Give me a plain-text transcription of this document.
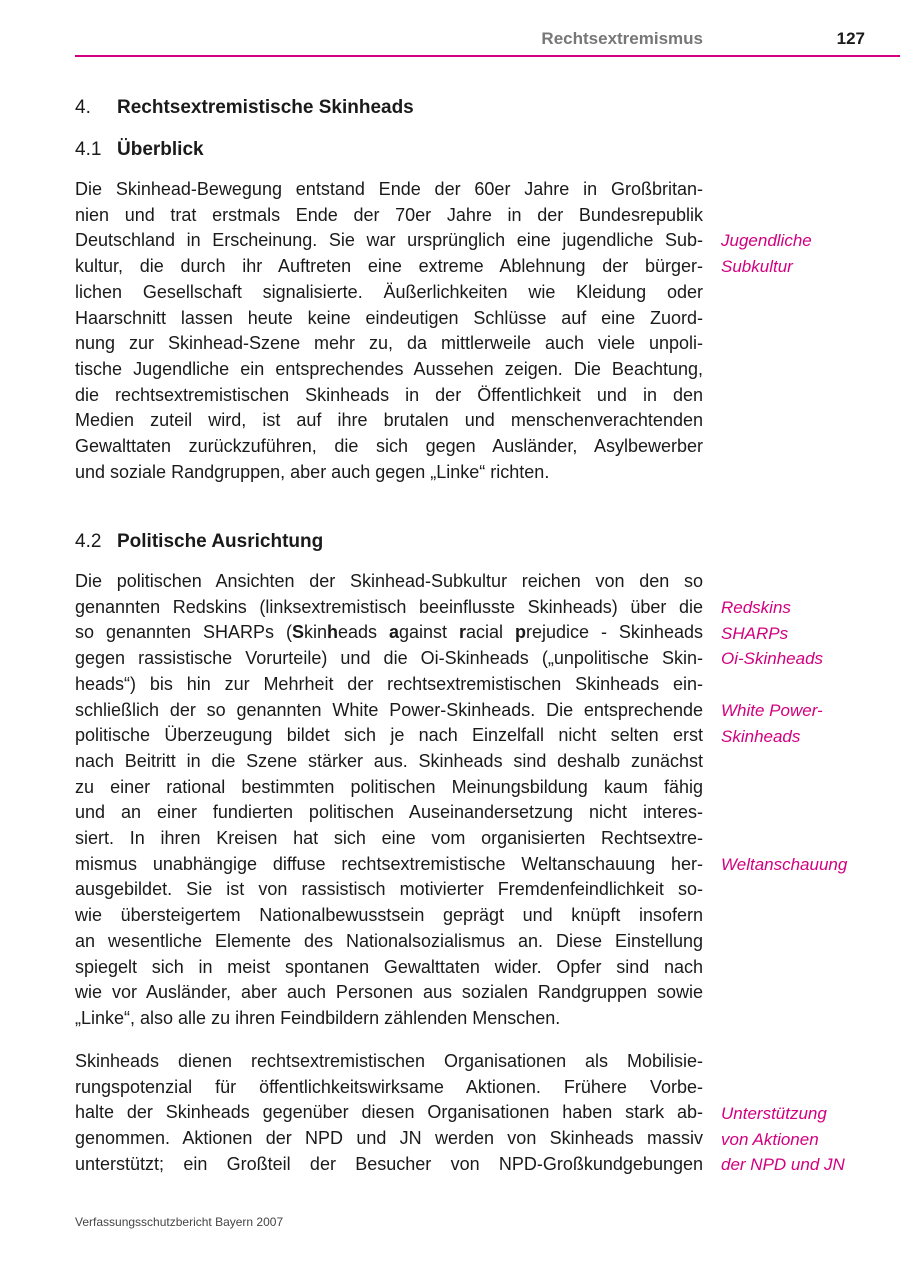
Rechtsextremismus	127
4. Rechtsextremistische Skinheads
4.1 Überblick

Die Skinhead-Bewegung entstand Ende der 60er Jahre in Großbritan-
nien und trat erstmals Ende der 70er Jahre in der Bundesrepublik
Deutschland in Erscheinung. Sie war ursprünglich eine jugendliche Sub-
kultur, die durch ihr Auftreten eine extreme Ablehnung der bürger-
lichen Gesellschaft signalisierte. Äußerlichkeiten wie Kleidung oder
Haarschnitt lassen heute keine eindeutigen Schlüsse auf eine Zuord-
nung zur Skinhead-Szene mehr zu, da mittlerweile auch viele unpoli-
tische Jugendliche ein entsprechendes Aussehen zeigen. Die Beachtung,
die rechtsextremistischen Skinheads in der Öffentlichkeit und in den
Medien zuteil wird, ist auf ihre brutalen und menschenverachtenden
Gewalttaten zurückzuführen, die sich gegen Ausländer, Asylbewerber
und soziale Randgruppen, aber auch gegen „Linke“ richten.

Jugendliche
Subkultur
4.2 Politische Ausrichtung

Die politischen Ansichten der Skinhead-Subkultur reichen von den so
genannten Redskins (linksextremistisch beeinflusste Skinheads) über die
so genannten SHARPs (Skinheads against racial prejudice - Skinheads
gegen rassistische Vorurteile) und die Oi-Skinheads („unpolitische Skin-
heads“) bis hin zur Mehrheit der rechtsextremistischen Skinheads ein-
schließlich der so genannten White Power-Skinheads. Die entsprechende
politische Überzeugung bildet sich je nach Einzelfall nicht selten erst
nach Beitritt in die Szene stärker aus. Skinheads sind deshalb zunächst
zu einer rational bestimmten politischen Meinungsbildung kaum fähig
und an einer fundierten politischen Auseinandersetzung nicht interes-
siert. In ihren Kreisen hat sich eine vom organisierten Rechtsextre-
mismus unabhängige diffuse rechtsextremistische Weltanschauung her-
ausgebildet. Sie ist von rassistisch motivierter Fremdenfeindlichkeit so-
wie übersteigertem Nationalbewusstsein geprägt und knüpft insofern
an wesentliche Elemente des Nationalsozialismus an. Diese Einstellung
spiegelt sich in meist spontanen Gewalttaten wider. Opfer sind nach
wie vor Ausländer, aber auch Personen aus sozialen Randgruppen sowie
„Linke“, also alle zu ihren Feindbildern zählenden Menschen.

Redskins
SHARPs
Oi-Skinheads
White Power-
Skinheads
Weltanschauung

Skinheads dienen rechtsextremistischen Organisationen als Mobilisie-
rungspotenzial für öffentlichkeitswirksame Aktionen. Frühere Vorbe-
halte der Skinheads gegenüber diesen Organisationen haben stark ab-
genommen. Aktionen der NPD und JN werden von Skinheads massiv
unterstützt; ein Großteil der Besucher von NPD-Großkundgebungen

Unterstützung
von Aktionen
der NPD und JN
Verfassungsschutzbericht Bayern 2007
